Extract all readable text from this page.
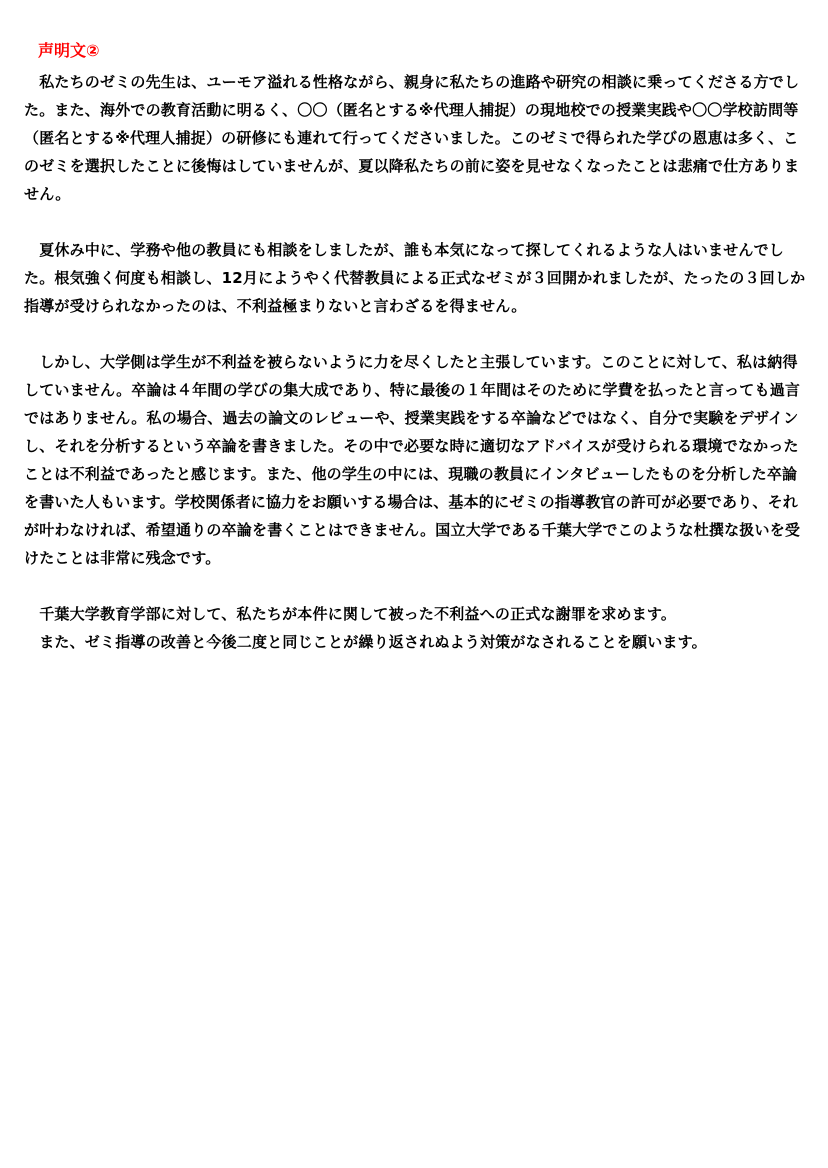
声明文②

　私たちのゼミの先生は、ユーモア溢れる性格ながら、親身に私たちの進路や研究の相談に乗ってくださる方でした。また、海外での教育活動に明るく、〇〇（匿名とする※代理人捕捉）の現地校での授業実践や〇〇学校訪問等（匿名とする※代理人捕捉）の研修にも連れて行ってくださいました。このゼミで得られた学びの恩恵は多く、このゼミを選択したことに後悔はしていませんが、夏以降私たちの前に姿を見せなくなったことは悲痛で仕方ありません。

　夏休み中に、学務や他の教員にも相談をしましたが、誰も本気になって探してくれるような人はいませんでした。根気強く何度も相談し、12月にようやく代替教員による正式なゼミが３回開かれましたが、たったの３回しか指導が受けられなかったのは、不利益極まりないと言わざるを得ません。

　しかし、大学側は学生が不利益を被らないように力を尽くしたと主張しています。このことに対して、私は納得していません。卒論は４年間の学びの集大成であり、特に最後の１年間はそのために学費を払ったと言っても過言ではありません。私の場合、過去の論文のレビューや、授業実践をする卒論などではなく、自分で実験をデザインし、それを分析するという卒論を書きました。その中で必要な時に適切なアドバイスが受けられる環境でなかったことは不利益であったと感じます。また、他の学生の中には、現職の教員にインタビューしたものを分析した卒論を書いた人もいます。学校関係者に協力をお願いする場合は、基本的にゼミの指導教官の許可が必要であり、それが叶わなければ、希望通りの卒論を書くことはできません。国立大学である千葉大学でこのような杜撰な扱いを受けたことは非常に残念です。

　千葉大学教育学部に対して、私たちが本件に関して被った不利益への正式な謝罪を求めます。
　また、ゼミ指導の改善と今後二度と同じことが繰り返されぬよう対策がなされることを願います。
